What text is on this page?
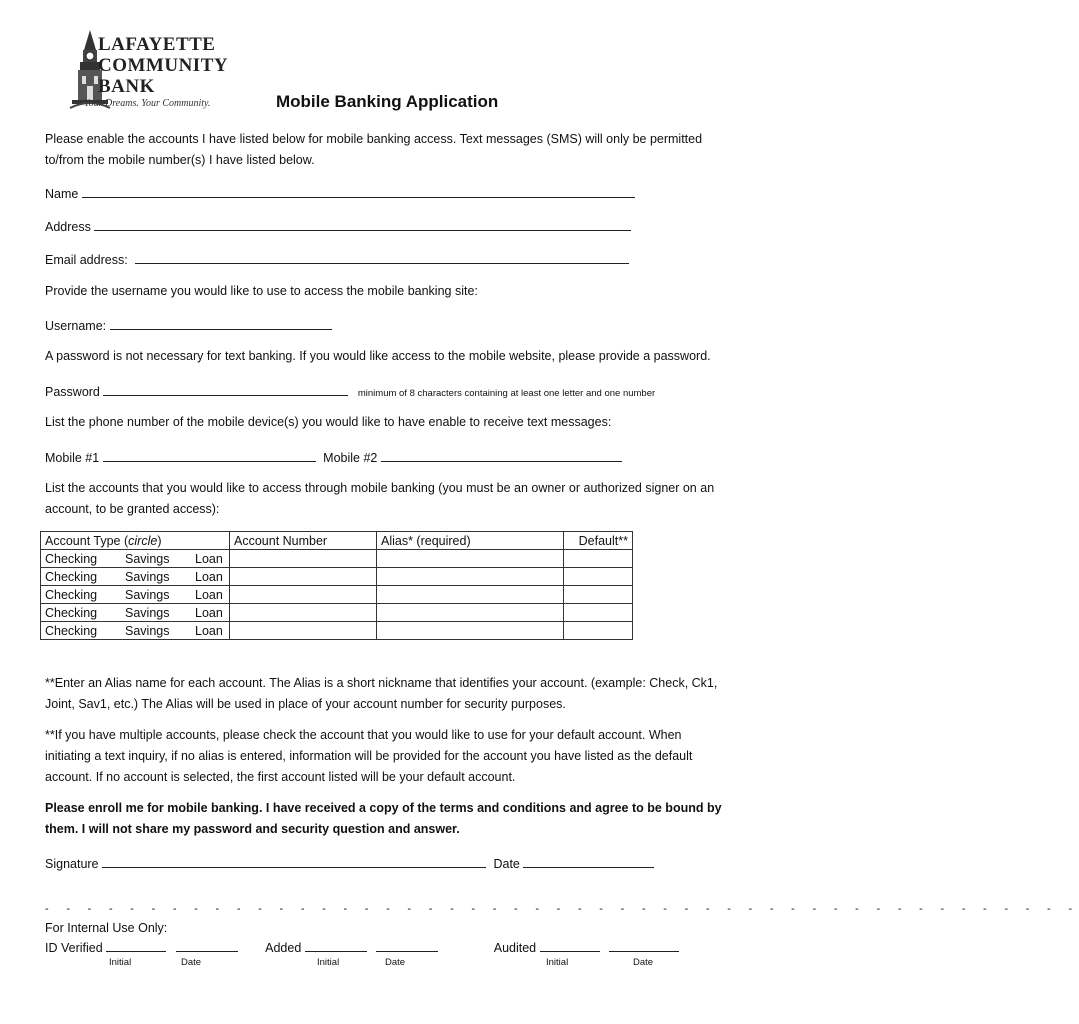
LAFAYETTE
COMMUNITY
BANK
Your Dreams. Your Community.	Mobile Banking Application
Please enable the accounts I have listed below for mobile banking access. Text messages (SMS) will only be permitted to/from the mobile number(s) I have listed below.
Name
Address
Email address:
Provide the username you would like to use to access the mobile banking site:
Username:
A password is not necessary for text banking. If you would like access to the mobile website, please provide a password.
Password	minimum of 8 characters containing at least one letter and one number
List the phone number of the mobile device(s) you would like to have enable to receive text messages:
Mobile #1	Mobile #2
List the accounts that you would like to access through mobile banking (you must be an owner or authorized signer on an account, to be granted access):
Account Type (circle)	Account Number	Alias* (required)	Default**

Checking Savings Loan			

Checking Savings Loan			

Checking Savings Loan			

Checking Savings Loan			

Checking Savings Loan			

**Enter an Alias name for each account. The Alias is a short nickname that identifies your account. (example: Check, Ck1, Joint, Sav1, etc.) The Alias will be used in place of your account number for security purposes.
**If you have multiple accounts, please check the account that you would like to use for your default account. When initiating a text inquiry, if no alias is entered, information will be provided for the account you have listed as the default account. If no account is selected, the first account listed will be your default account.
Please enroll me for mobile banking. I have received a copy of the terms and conditions and agree to be bound by them. I will not share my password and security question and answer.
Signature	Date
- - - - - - - - - - - - - - - - - - - - - - - - - - - - - - - - - - - - - - - - - - - - - - - - -
For Internal Use Only:
ID Verified	Added	Audited
Initial	Date	Initial	Date	Initial	Date
